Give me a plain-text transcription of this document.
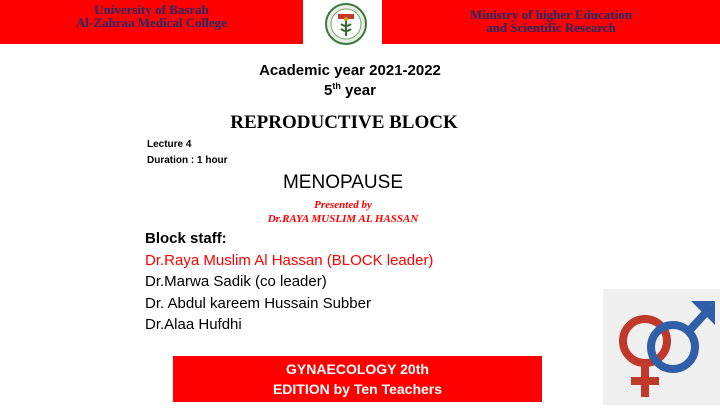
University of Basrah
Al-Zahraa Medical College
Ministry of higher Education
and Scientific Research
Academic year 2021-2022
5th year
REPRODUCTIVE BLOCK
Lecture 4
Duration : 1 hour
MENOPAUSE
Presented by
Dr.RAYA MUSLIM AL HASSAN
Block staff:
Dr.Raya Muslim Al Hassan (BLOCK leader)
Dr.Marwa Sadik (co leader)
Dr. Abdul kareem Hussain Subber
Dr.Alaa Hufdhi
GYNAECOLOGY 20th
EDITION by Ten Teachers
